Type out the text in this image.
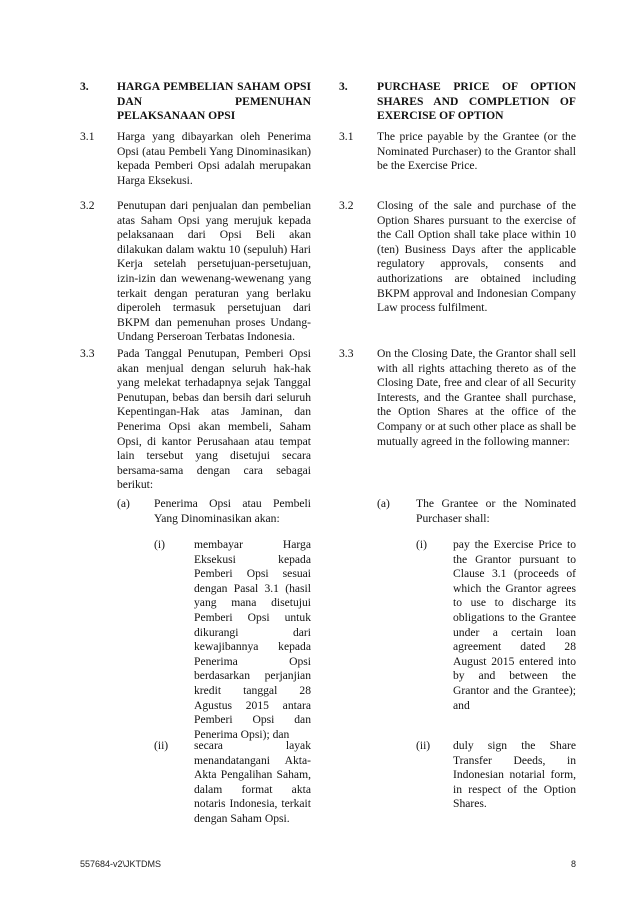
3. HARGA PEMBELIAN SAHAM OPSI DAN PEMENUHAN PELAKSANAAN OPSI
3.1 Harga yang dibayarkan oleh Penerima Opsi (atau Pembeli Yang Dinominasikan) kepada Pemberi Opsi adalah merupakan Harga Eksekusi.
3.2 Penutupan dari penjualan dan pembelian atas Saham Opsi yang merujuk kepada pelaksanaan dari Opsi Beli akan dilakukan dalam waktu 10 (sepuluh) Hari Kerja setelah persetujuan-persetujuan, izin-izin dan wewenang-wewenang yang terkait dengan peraturan yang berlaku diperoleh termasuk persetujuan dari BKPM dan pemenuhan proses Undang-Undang Perseroan Terbatas Indonesia.
3.3 Pada Tanggal Penutupan, Pemberi Opsi akan menjual dengan seluruh hak-hak yang melekat terhadapnya sejak Tanggal Penutupan, bebas dan bersih dari seluruh Kepentingan-Hak atas Jaminan, dan Penerima Opsi akan membeli, Saham Opsi, di kantor Perusahaan atau tempat lain tersebut yang disetujui secara bersama-sama dengan cara sebagai berikut:
(a) Penerima Opsi atau Pembeli Yang Dinominasikan akan:
(i)	membayar Harga Eksekusi kepada Pemberi Opsi sesuai dengan Pasal 3.1 (hasil yang mana disetujui Pemberi Opsi untuk dikurangi dari kewajibannya kepada Penerima Opsi berdasarkan perjanjian kredit tanggal 28 Agustus 2015 antara Pemberi Opsi dan Penerima Opsi); dan
(ii) secara layak menandatangani Akta-Akta Pengalihan Saham, dalam format akta notaris Indonesia, terkait dengan Saham Opsi.
3.	PURCHASE PRICE OF OPTION SHARES AND COMPLETION OF EXERCISE OF OPTION
3.1 The price payable by the Grantee (or the Nominated Purchaser) to the Grantor shall be the Exercise Price.
3.2 Closing of the sale and purchase of the Option Shares pursuant to the exercise of the Call Option shall take place within 10 (ten) Business Days after the applicable regulatory approvals, consents and authorizations are obtained including BKPM approval and Indonesian Company Law process fulfilment.
3.3 On the Closing Date, the Grantor shall sell with all rights attaching thereto as of the Closing Date, free and clear of all Security Interests, and the Grantee shall purchase, the Option Shares at the office of the Company or at such other place as shall be mutually agreed in the following manner:
(a) The Grantee or the Nominated Purchaser shall:
(i) pay the Exercise Price to the Grantor pursuant to Clause 3.1 (proceeds of which the Grantor agrees to use to discharge its obligations to the Grantee under a certain loan agreement dated 28 August 2015 entered into by and between the Grantor and the Grantee); and
(ii) duly sign the Share Transfer Deeds, in Indonesian notarial form, in respect of the Option Shares.
557684-v2\JKTDMS	8
